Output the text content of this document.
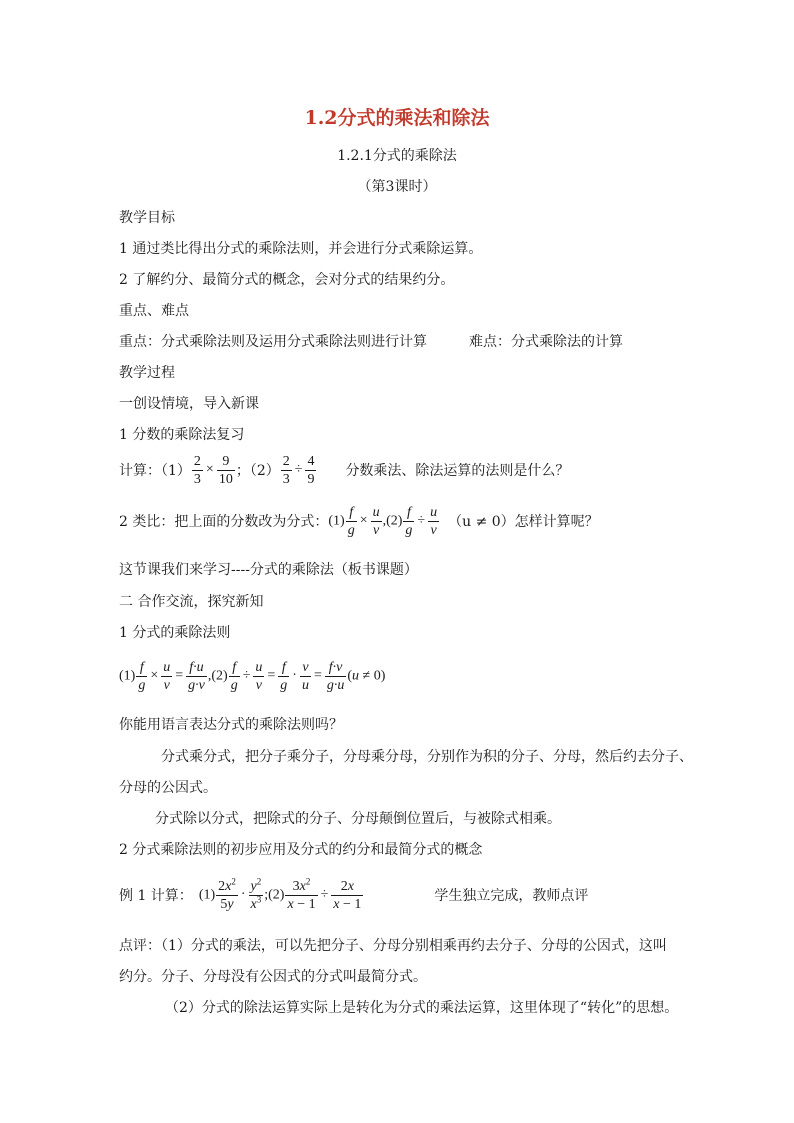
1.2分式的乘法和除法
1.2.1分式的乘除法
（第3课时）
教学目标
1 通过类比得出分式的乘除法则，并会进行分式乘除运算。
2 了解约分、最简分式的概念，会对分式的结果约分。
重点、难点
重点：分式乘除法则及运用分式乘除法则进行计算	难点：分式乘除法的计算
教学过程
一创设情境，导入新课
1 分数的乘除法复习
计算：$(1) \frac{2}{3} \times \frac{9}{10}$ ；$(2) \frac{2}{3} \div \frac{4}{9}$ 分数乘法、除法运算的法则是什么？
2 类比：把上面的分数改为分式： $(1) \frac{f}{g} \times \frac{u}{v} ,(2) \frac{f}{g} \div \frac{u}{v} (u \ne 0)$ 怎样计算呢？
这节课我们来学习----分式的乘除法（板书课题）
二 合作交流，探究新知
1 分式的乘除法则
$(1) \frac{f}{g} \times \frac{u}{v} = \frac{f\cdot u}{g\cdot v} ,(2) \frac{f}{g} \div \frac{u}{v} = \frac{f}{g} \cdot \frac{v}{u} = \frac{f\cdot v}{g\cdot u} (u \ne 0)$
你能用语言表达分式的乘除法则吗？
分式乘分式，把分子乘分子，分母乘分母，分别作为积的分子、分母，然后约去分子、
分母的公因式。
分式除以分式，把除式的分子、分母颠倒位置后，与被除式相乘。
2 分式乘除法则的初步应用及分式的约分和最简分式的概念
例 1 计算： $(1) \frac{2x^2}{5y} \cdot \frac{y^2}{x^3}$ ;(2) $\frac{3x^2}{x - 1} \div \frac{2x}{x - 1}$	学生独立完成，教师点评
点评：（1）分式的乘法，可以先把分子、分母分别相乘再约去分子、分母的公因式，这叫
约分。分子、分母没有公因式的分式叫最简分式。
（2）分式的除法运算实际上是转化为分式的乘法运算，这里体现了“转化”的思想。
